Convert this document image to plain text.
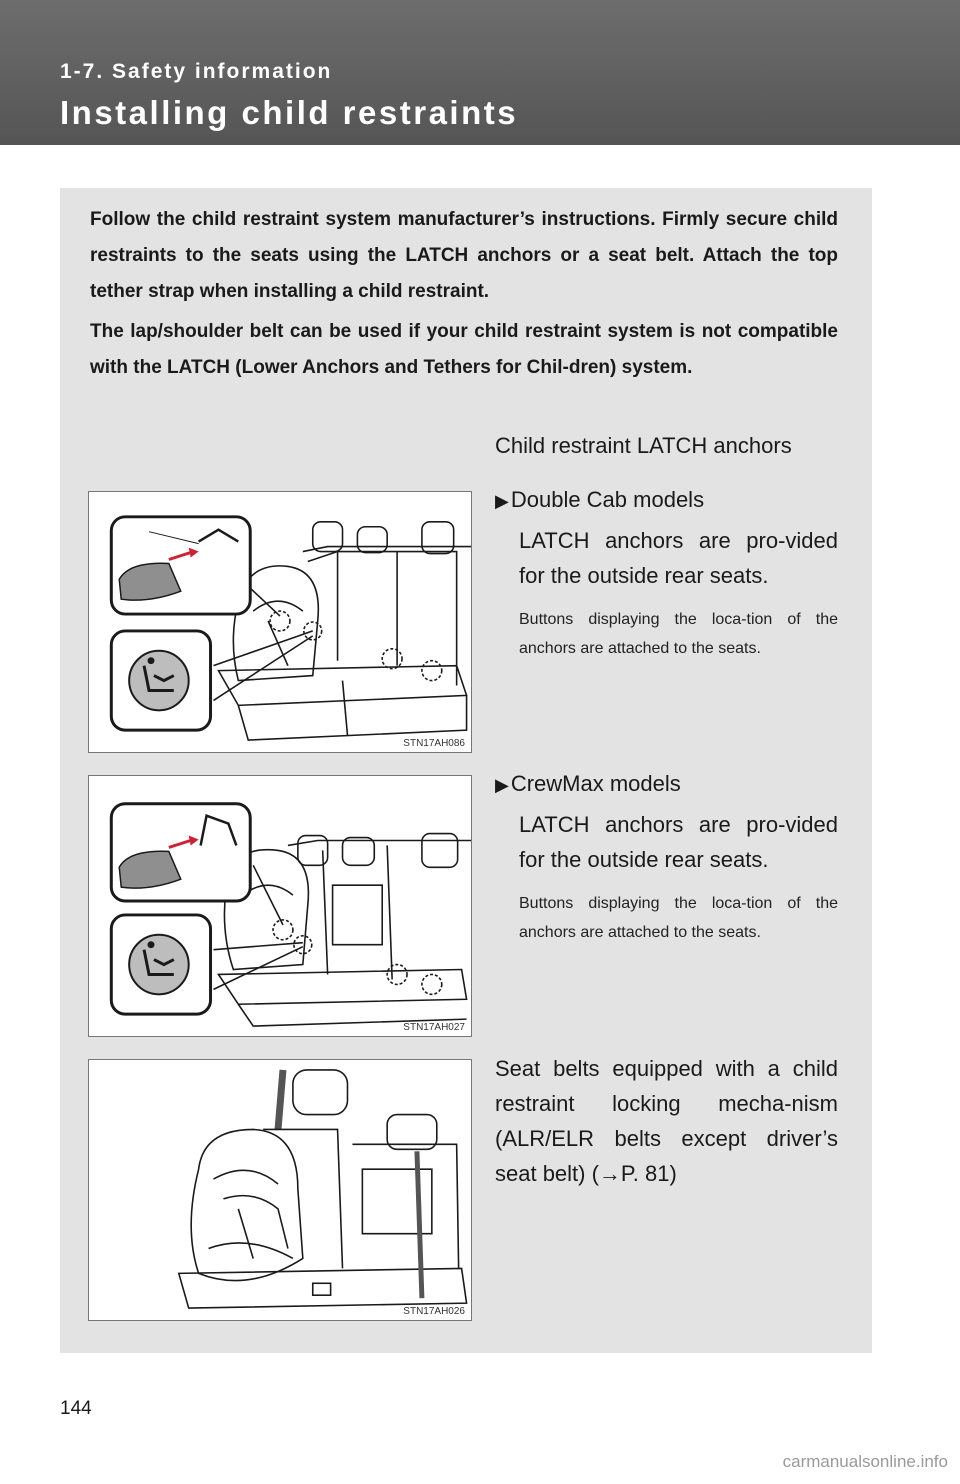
1-7. Safety information
Installing child restraints

Follow the child restraint system manufacturer’s instructions. Firmly secure child restraints to the seats using the LATCH anchors or a seat belt. Attach the top tether strap when installing a child restraint.

The lap/shoulder belt can be used if your child restraint system is not compatible with the LATCH (Lower Anchors and Tethers for Chil-dren) system.

Child restraint LATCH anchors
STN17AH086
STN17AH027
STN17AH026
▶Double Cab models
LATCH anchors are pro-vided for the outside rear seats.
Buttons displaying the loca-tion of the anchors are attached to the seats.
▶CrewMax models
LATCH anchors are pro-vided for the outside rear seats.
Buttons displaying the loca-tion of the anchors are attached to the seats.
Seat belts equipped with a child restraint locking mecha-nism (ALR/ELR belts except driver’s seat belt) (→P. 81)
144
carmanualsonline.info
